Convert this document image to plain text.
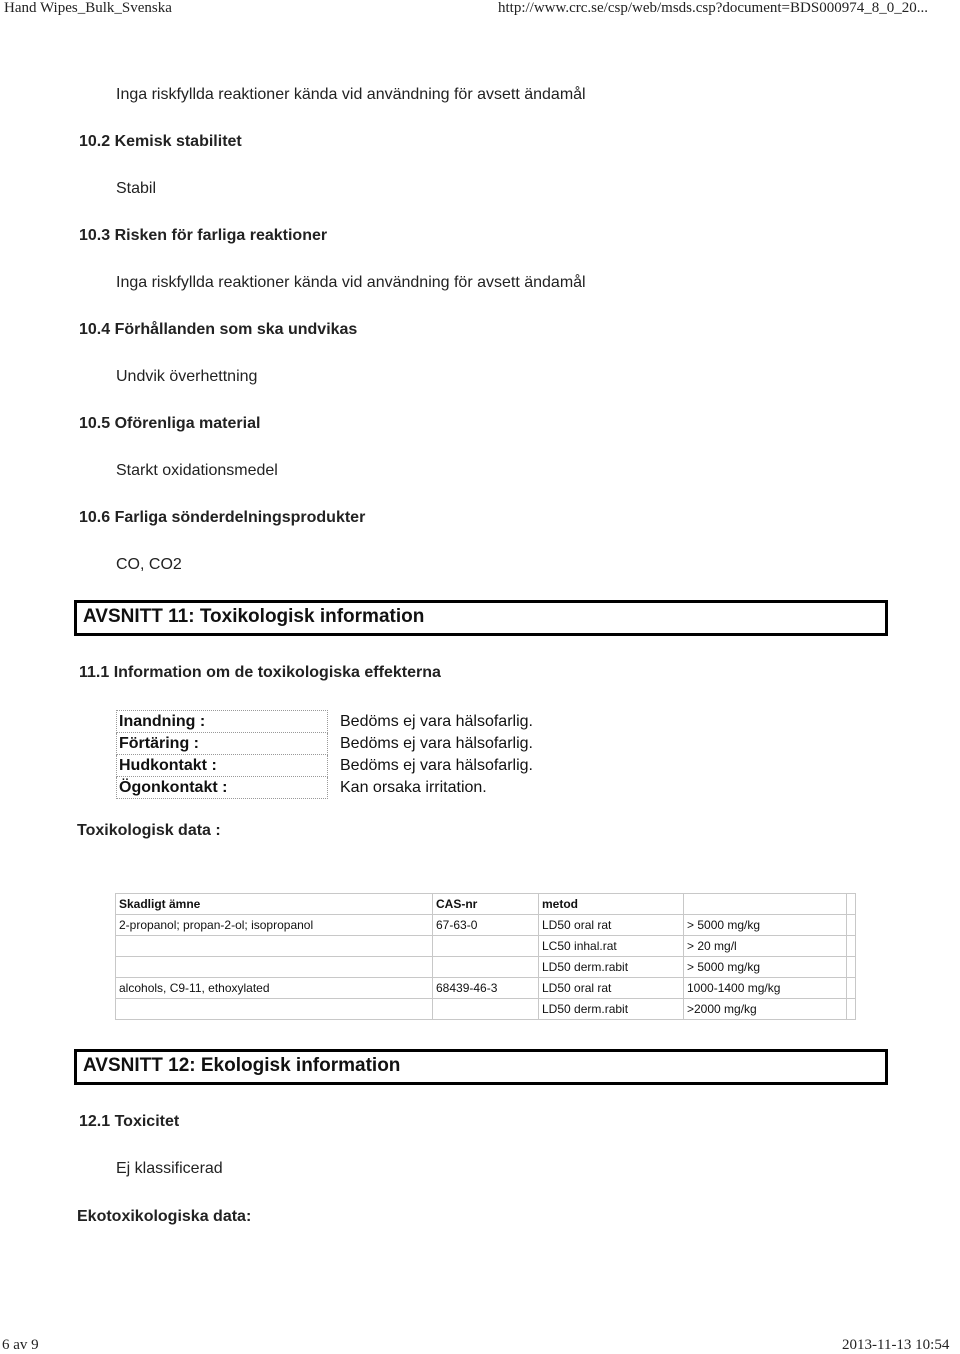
Hand Wipes_Bulk_Svenska	http://www.crc.se/csp/web/msds.csp?document=BDS000974_8_0_20...
Inga riskfyllda reaktioner kända vid användning för avsett ändamål
10.2 Kemisk stabilitet
Stabil
10.3 Risken för farliga reaktioner
Inga riskfyllda reaktioner kända vid användning för avsett ändamål
10.4 Förhållanden som ska undvikas
Undvik överhettning
10.5 Oförenliga material
Starkt oxidationsmedel
10.6 Farliga sönderdelningsprodukter
CO, CO2
AVSNITT 11: Toxikologisk information
11.1 Information om de toxikologiska effekterna
Inandning :	Bedöms ej vara hälsofarlig.
Förtäring :	Bedöms ej vara hälsofarlig.
Hudkontakt :	Bedöms ej vara hälsofarlig.
Ögonkontakt :	Kan orsaka irritation.
Toxikologisk data :
Skadligt ämne	CAS-nr	metod		
2-propanol; propan-2-ol; isopropanol	67-63-0	LD50 oral rat	> 5000 mg/kg	
		LC50 inhal.rat	> 20 mg/l	
		LD50 derm.rabit	> 5000 mg/kg	
alcohols, C9-11, ethoxylated	68439-46-3	LD50 oral rat	1000-1400 mg/kg	
		LD50 derm.rabit	>2000 mg/kg	
AVSNITT 12: Ekologisk information
12.1 Toxicitet
Ej klassificerad
Ekotoxikologiska data:
6 av 9	2013-11-13 10:54
